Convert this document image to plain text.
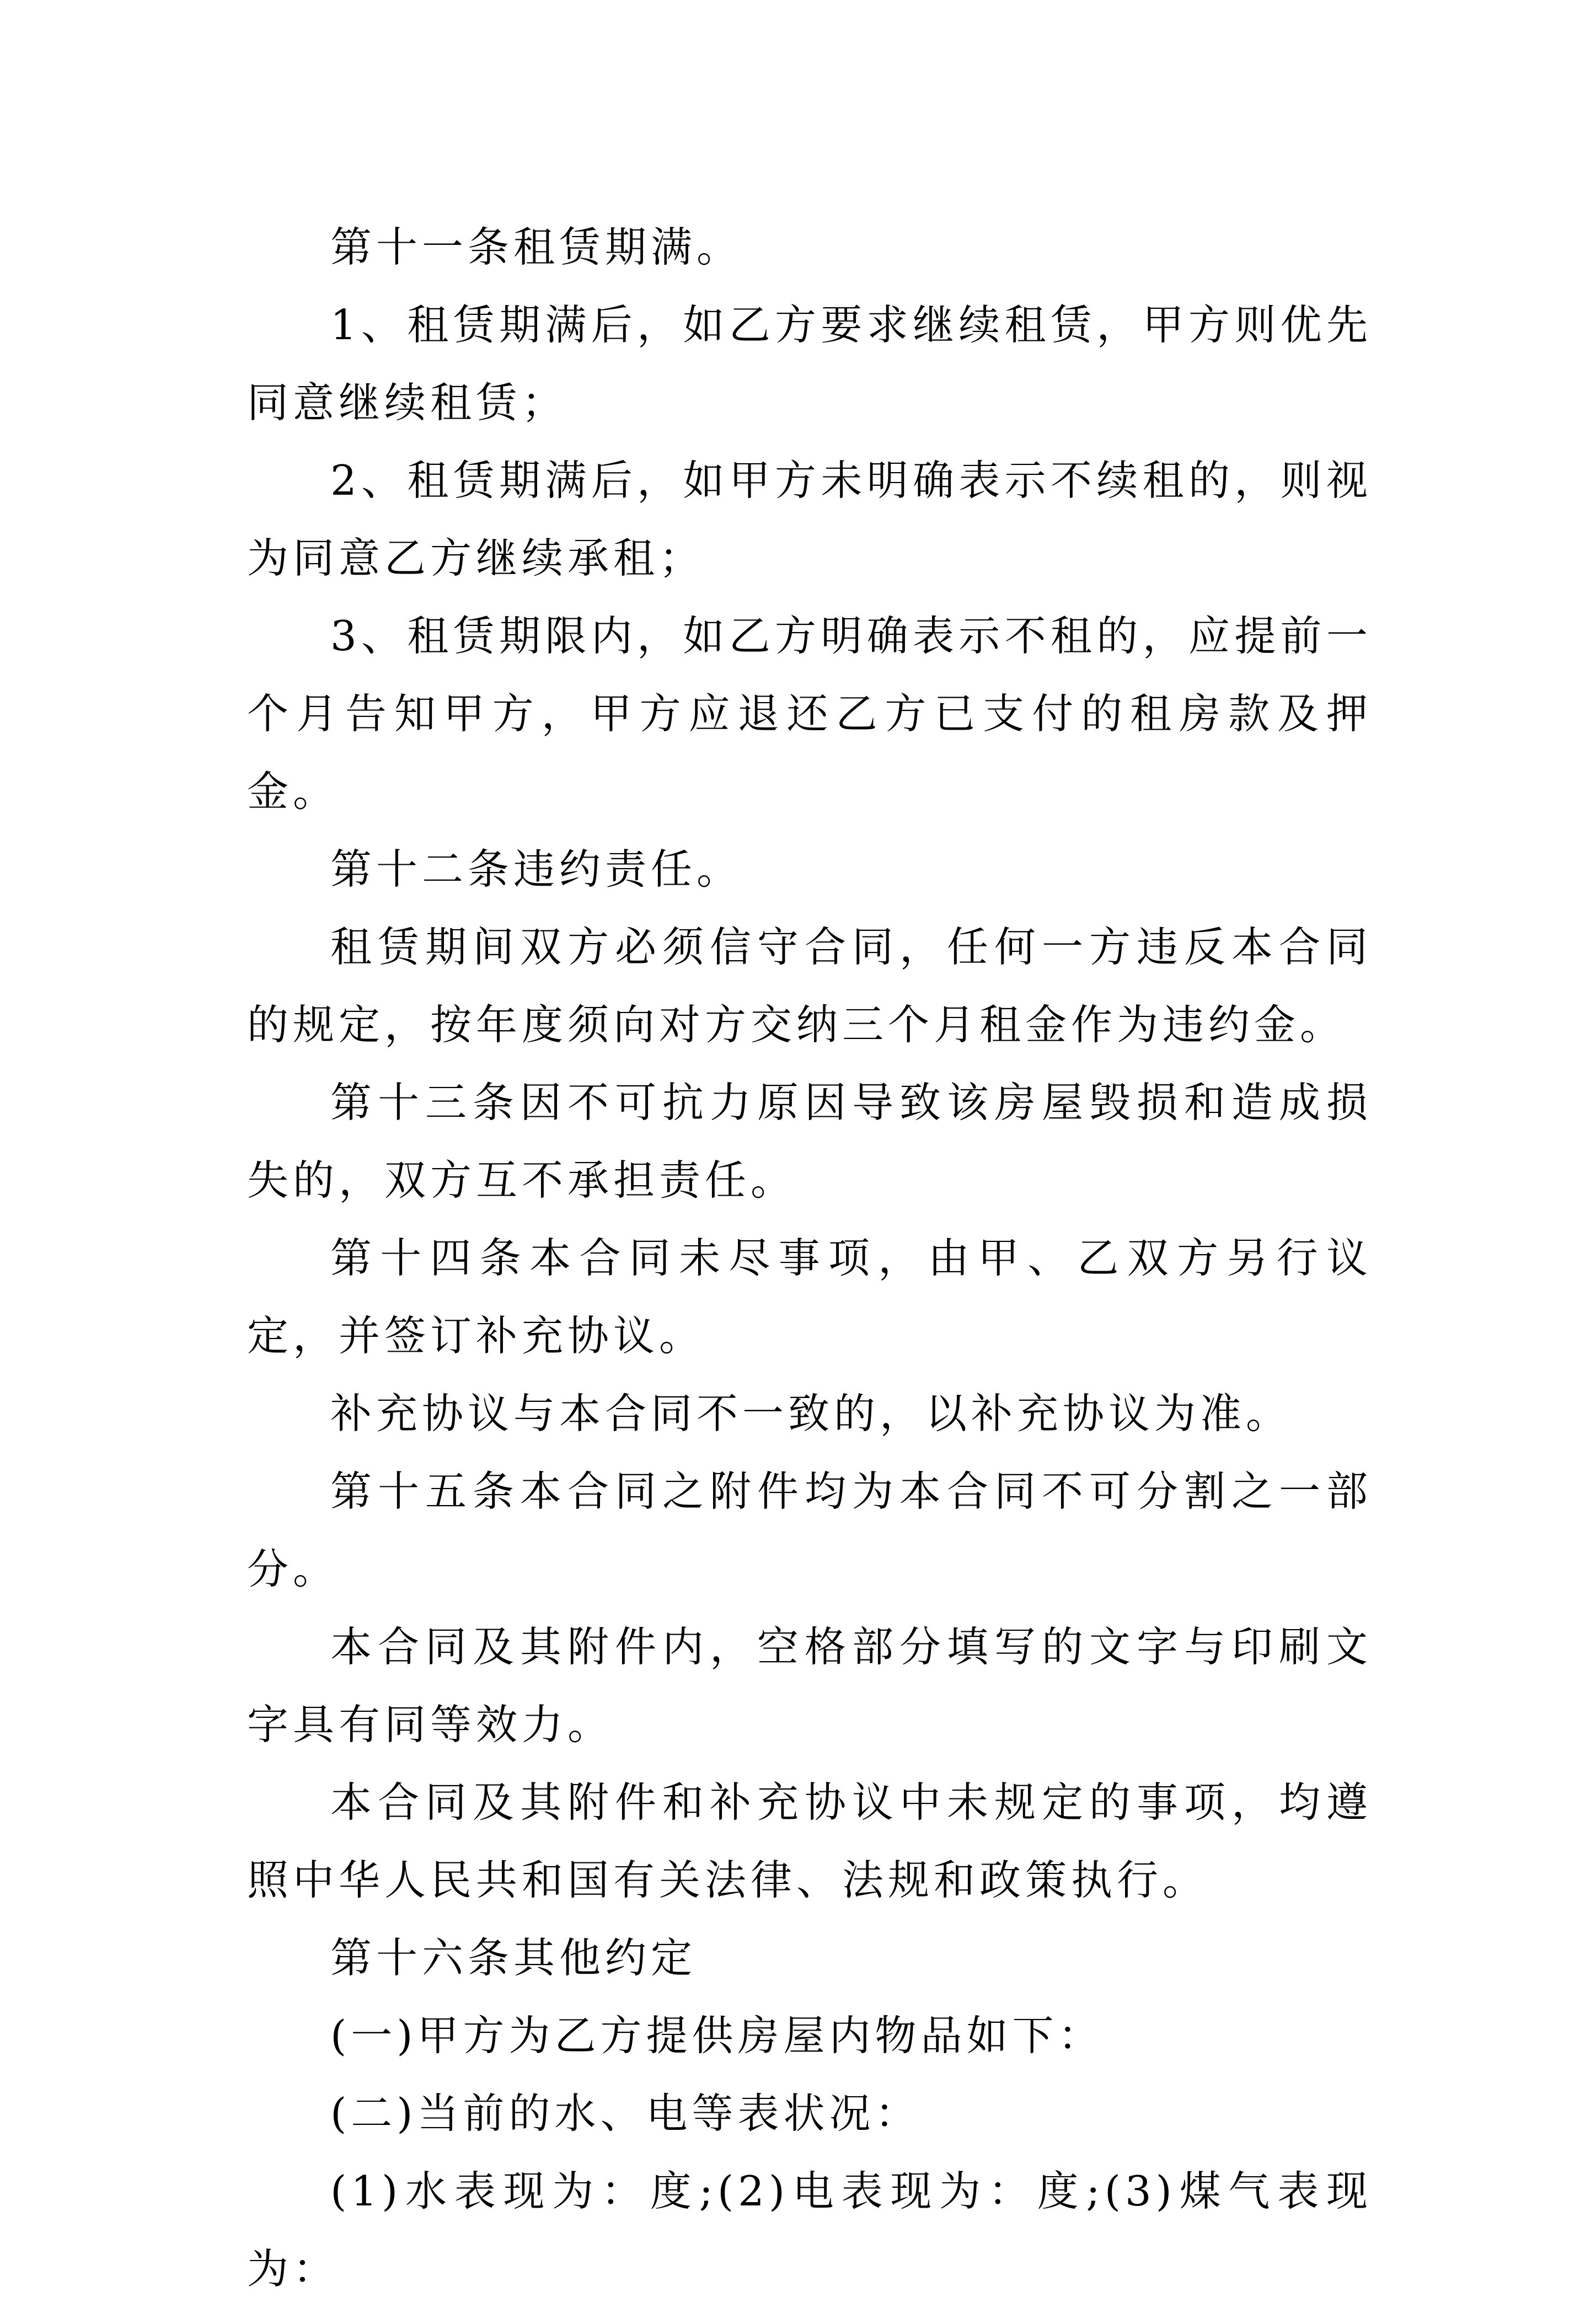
第十一条租赁期满。

1、租赁期满后，如乙方要求继续租赁，甲方则优先同意继续租赁；

2、租赁期满后，如甲方未明确表示不续租的，则视为同意乙方继续承租；

3、租赁期限内，如乙方明确表示不租的，应提前一个月告知甲方，甲方应退还乙方已支付的租房款及押金。

第十二条违约责任。

租赁期间双方必须信守合同，任何一方违反本合同的规定，按年度须向对方交纳三个月租金作为违约金。

第十三条因不可抗力原因导致该房屋毁损和造成损失的，双方互不承担责任。

第十四条本合同未尽事项，由甲、乙双方另行议定，并签订补充协议。

补充协议与本合同不一致的，以补充协议为准。

第十五条本合同之附件均为本合同不可分割之一部分。

本合同及其附件内，空格部分填写的文字与印刷文字具有同等效力。

本合同及其附件和补充协议中未规定的事项，均遵照中华人民共和国有关法律、法规和政策执行。

第十六条其他约定

(一)甲方为乙方提供房屋内物品如下：

(二)当前的水、电等表状况：

(1)水表现为：度;(2)电表现为：度;(3)煤气表现为：
